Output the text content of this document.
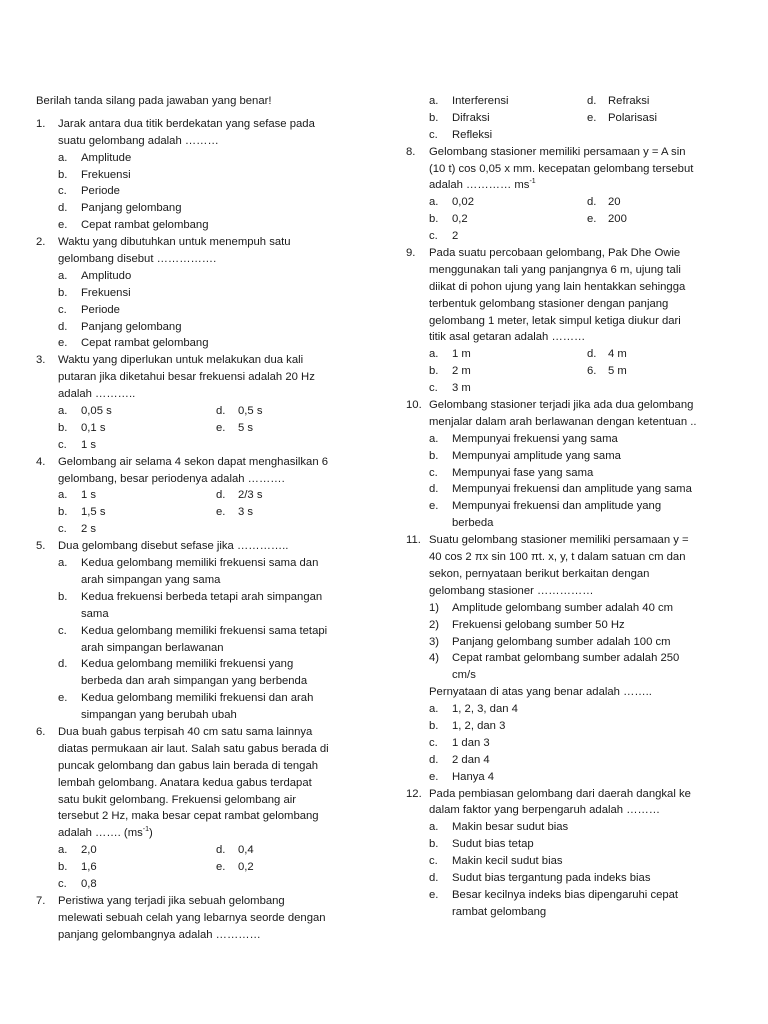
Berilah tanda silang pada jawaban yang benar!
1. Jarak antara dua titik berdekatan yang sefase pada
suatu gelombang adalah ………
a. Amplitude
b. Frekuensi
c. Periode
d. Panjang gelombang
e. Cepat rambat gelombang
2. Waktu yang dibutuhkan untuk menempuh satu
gelombang disebut …………….
a. Amplitudo
b. Frekuensi
c. Periode
d. Panjang gelombang
e. Cepat rambat gelombang
3. Waktu yang diperlukan untuk melakukan dua kali
putaran jika diketahui besar frekuensi adalah 20 Hz
adalah ………..
a. 0,05 s	d. 0,5 s
b. 0,1 s	e. 5 s
c. 1 s
4. Gelombang air selama 4 sekon dapat menghasilkan 6
gelombang, besar periodenya adalah ……….
a. 1 s	d. 2/3 s
b. 1,5 s	e. 3 s
c. 2 s
5. Dua gelombang disebut sefase jika …………..
a. Kedua gelombang memiliki frekuensi sama dan
arah simpangan yang sama
b. Kedua frekuensi berbeda tetapi arah simpangan
sama
c. Kedua gelombang memiliki frekuensi sama tetapi
arah simpangan berlawanan
d. Kedua gelombang memiliki frekuensi yang
berbeda dan arah simpangan yang berbenda
e. Kedua gelombang memiliki frekuensi dan arah
simpangan yang berubah ubah
6. Dua buah gabus terpisah 40 cm satu sama lainnya
diatas permukaan air laut. Salah satu gabus berada di
puncak gelombang dan gabus lain berada di tengah
lembah gelombang. Anatara kedua gabus terdapat
satu bukit gelombang. Frekuensi gelombang air
tersebut 2 Hz, maka besar cepat rambat gelombang
adalah ……. $(ms^{-1})$
a. 2,0	d. 0,4
b. 1,6	e. 0,2
c. 0,8
7. Peristiwa yang terjadi jika sebuah gelombang
melewati sebuah celah yang lebarnya seorde dengan
panjang gelombangnya adalah …………
a. Interferensi	d. Refraksi
b. Difraksi	e. Polarisasi
c. Refleksi
8. Gelombang stasioner memiliki persamaan y = A sin
(10 t) cos 0,05 x mm. kecepatan gelombang tersebut
adalah ………… $ms^{-1}$
a. 0,02	d. 20
b. 0,2	e. 200
c. 2
9. Pada suatu percobaan gelombang, Pak Dhe Owie
menggunakan tali yang panjangnya 6 m, ujung tali
diikat di pohon ujung yang lain hentakkan sehingga
terbentuk gelombang stasioner dengan panjang
gelombang 1 meter, letak simpul ketiga diukur dari
titik asal getaran adalah ………
a. 1 m	d. 4 m
b. 2 m	6. 5 m
c. 3 m
10. Gelombang stasioner terjadi jika ada dua gelombang
menjalar dalam arah berlawanan dengan ketentuan ..
a. Mempunyai frekuensi yang sama
b. Mempunyai amplitude yang sama
c. Mempunyai fase yang sama
d. Mempunyai frekuensi dan amplitude yang sama
e. Mempunyai frekuensi dan amplitude yang
berbeda
11. Suatu gelombang stasioner memiliki persamaan y =
40 cos 2 πx sin 100 πt. x, y, t dalam satuan cm dan
sekon, pernyataan berikut berkaitan dengan
gelombang stasioner ……………
1) Amplitude gelombang sumber adalah 40 cm
2) Frekuensi gelobang sumber 50 Hz
3) Panjang gelombang sumber adalah 100 cm
4) Cepat rambat gelombang sumber adalah 250
cm/s
Pernyataan di atas yang benar adalah ……..
a. 1, 2, 3, dan 4
b. 1, 2, dan 3
c. 1 dan 3
d. 2 dan 4
e. Hanya 4
12. Pada pembiasan gelombang dari daerah dangkal ke
dalam faktor yang berpengaruh adalah ………
a. Makin besar sudut bias
b. Sudut bias tetap
c. Makin kecil sudut bias
d. Sudut bias tergantung pada indeks bias
e. Besar kecilnya indeks bias dipengaruhi cepat
rambat gelombang
